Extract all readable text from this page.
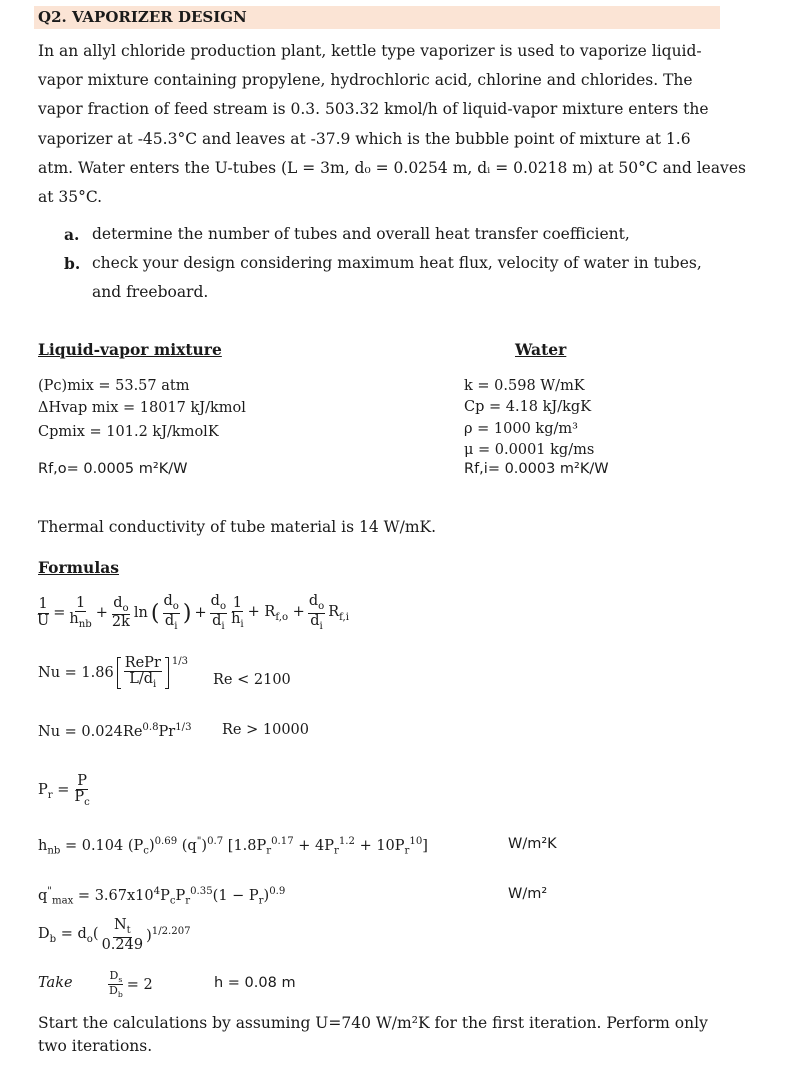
Q2. VAPORIZER DESIGN
In an allyl chloride production plant, kettle type vaporizer is used to vaporize liquid-
vapor mixture containing propylene, hydrochloric acid, chlorine and chlorides. The
vapor fraction of feed stream is 0.3. 503.32 kmol/h of liquid-vapor mixture enters the
vaporizer at -45.3°C and leaves at -37.9 which is the bubble point of mixture at 1.6
atm. Water enters the U-tubes (L = 3m, d₀ = 0.0254 m, dᵢ = 0.0218 m) at 50°C and leaves
at 35°C.
a. determine the number of tubes and overall heat transfer coefficient,
b. check your design considering maximum heat flux, velocity of water in tubes,
and freeboard.
Liquid-vapor mixture
(Pᴄ)mix = 53.57 atm
ΔHvap mix = 18017 kJ/kmol
Cpmix = 101.2 kJ/kmolK
Rf,o= 0.0005 m²K/W
Water
k = 0.598 W/mK
Cp = 4.18 kJ/kgK
ρ = 1000 kg/m³
μ = 0.0001 kg/ms
Rf,i= 0.0003 m²K/W
Thermal conductivity of tube material is 14 W/mK.
Formulas
$\frac{1}{U} = \frac{1}{h_{nb}} + \frac{d_o}{2k}$ ln ( $\frac{d_o}{d_i}$ ) + $\frac{d_o}{d_i} \frac{1}{h_i} + R_{f,o} + \frac{d_o}{d_i} R_{f,i}$
$Nu = 1.86 \frac{\text{RePr}}{L/d_i} 1/3$
Re < 2100
$Nu = 0.024Re^{0.8}Pr^{1/3}$ Re > 10000
$P_r = \frac{P}{P_c}$
$h_{nb} = 0.104$ $(P_c)^{0.69}$ $(q^")^{0.7}$ $[1.8P_r^{0.17} + 4P_r^{1.2} + 10P_r^{10}]$	W/m²K
$q^"_{max} = 3.67x10^4P_cP_r^{0.35}(1 - P_r)^{0.9}$	W/m²
$D_b = d_o( \frac{N_t}{0.249} )^{1/2.207}$
Take	$\frac{D_s}{D_b} = 2$	h = 0.08 m
Start the calculations by assuming U=740 W/m²K for the first iteration. Perform only
two iterations.
